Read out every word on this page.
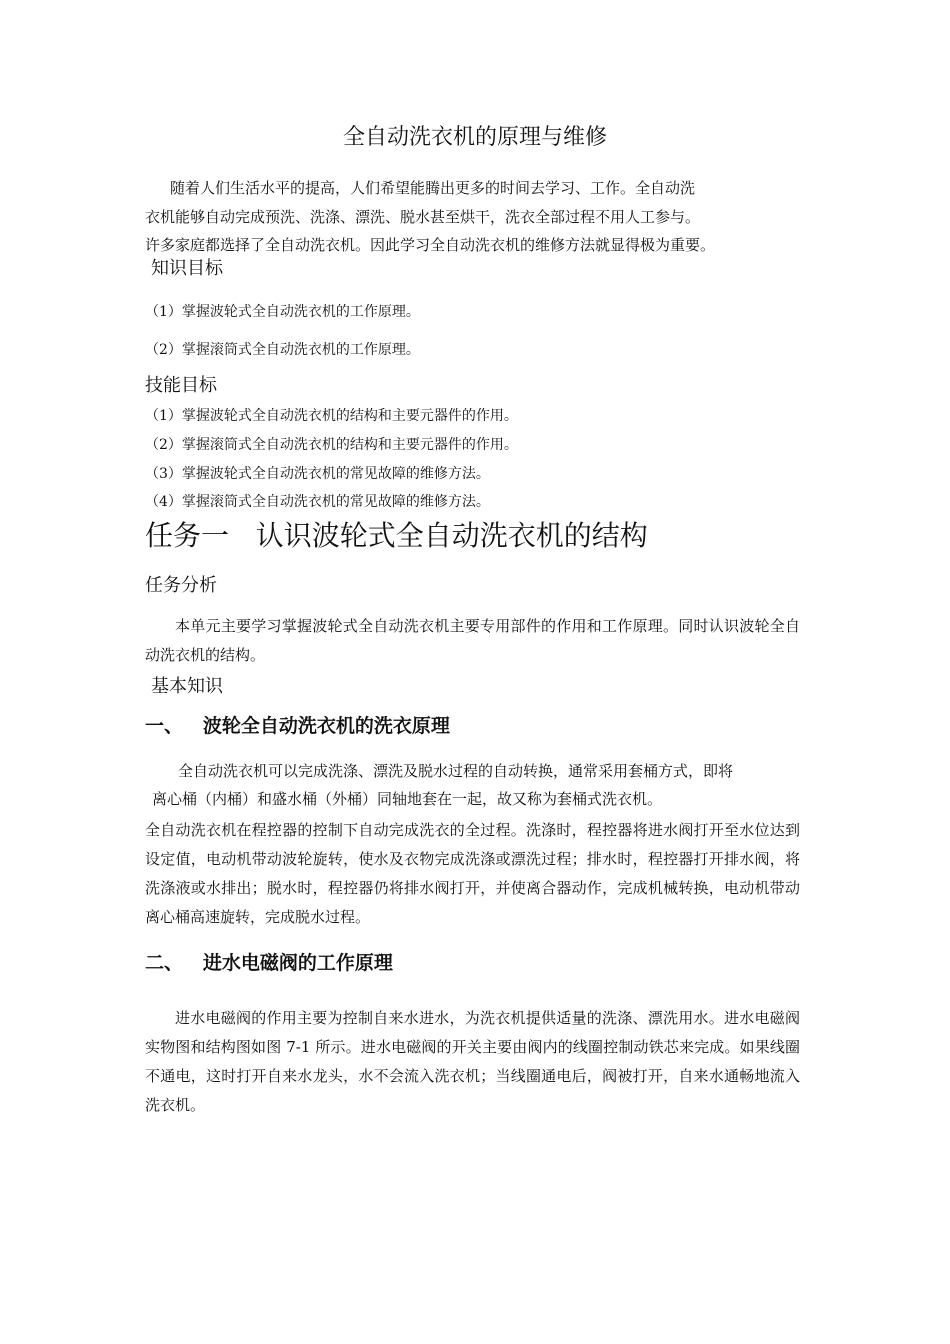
全自动洗衣机的原理与维修

随着人们生活水平的提高，人们希望能腾出更多的时间去学习、工作。全自动洗

衣机能够自动完成预洗、洗涤、漂洗、脱水甚至烘干，洗衣全部过程不用人工参与。

许多家庭都选择了全自动洗衣机。因此学习全自动洗衣机的维修方法就显得极为重要。

知识目标

（1）掌握波轮式全自动洗衣机的工作原理。

（2）掌握滚筒式全自动洗衣机的工作原理。

技能目标

（1）掌握波轮式全自动洗衣机的结构和主要元器件的作用。

（2）掌握滚筒式全自动洗衣机的结构和主要元器件的作用。

（3）掌握波轮式全自动洗衣机的常见故障的维修方法。

（4）掌握滚筒式全自动洗衣机的常见故障的维修方法。

任务一   认识波轮式全自动洗衣机的结构
任务分析

本单元主要学习掌握波轮式全自动洗衣机主要专用部件的作用和工作原理。同时认识波轮全自动洗衣机的结构。

基本知识
一、   波轮全自动洗衣机的洗衣原理

全自动洗衣机可以完成洗涤、漂洗及脱水过程的自动转换，通常采用套桶方式，即将

离心桶（内桶）和盛水桶（外桶）同轴地套在一起，故又称为套桶式洗衣机。

全自动洗衣机在程控器的控制下自动完成洗衣的全过程。洗涤时，程控器将进水阀打开至水位达到设定值，电动机带动波轮旋转，使水及衣物完成洗涤或漂洗过程；排水时，程控器打开排水阀，将洗涤液或水排出；脱水时，程控器仍将排水阀打开，并使离合器动作，完成机械转换，电动机带动离心桶高速旋转，完成脱水过程。

二、   进水电磁阀的工作原理

进水电磁阀的作用主要为控制自来水进水，为洗衣机提供适量的洗涤、漂洗用水。进水电磁阀实物图和结构图如图 7-1 所示。进水电磁阀的开关主要由阀内的线圈控制动铁芯来完成。如果线圈不通电，这时打开自来水龙头，水不会流入洗衣机；当线圈通电后，阀被打开，自来水通畅地流入洗衣机。
